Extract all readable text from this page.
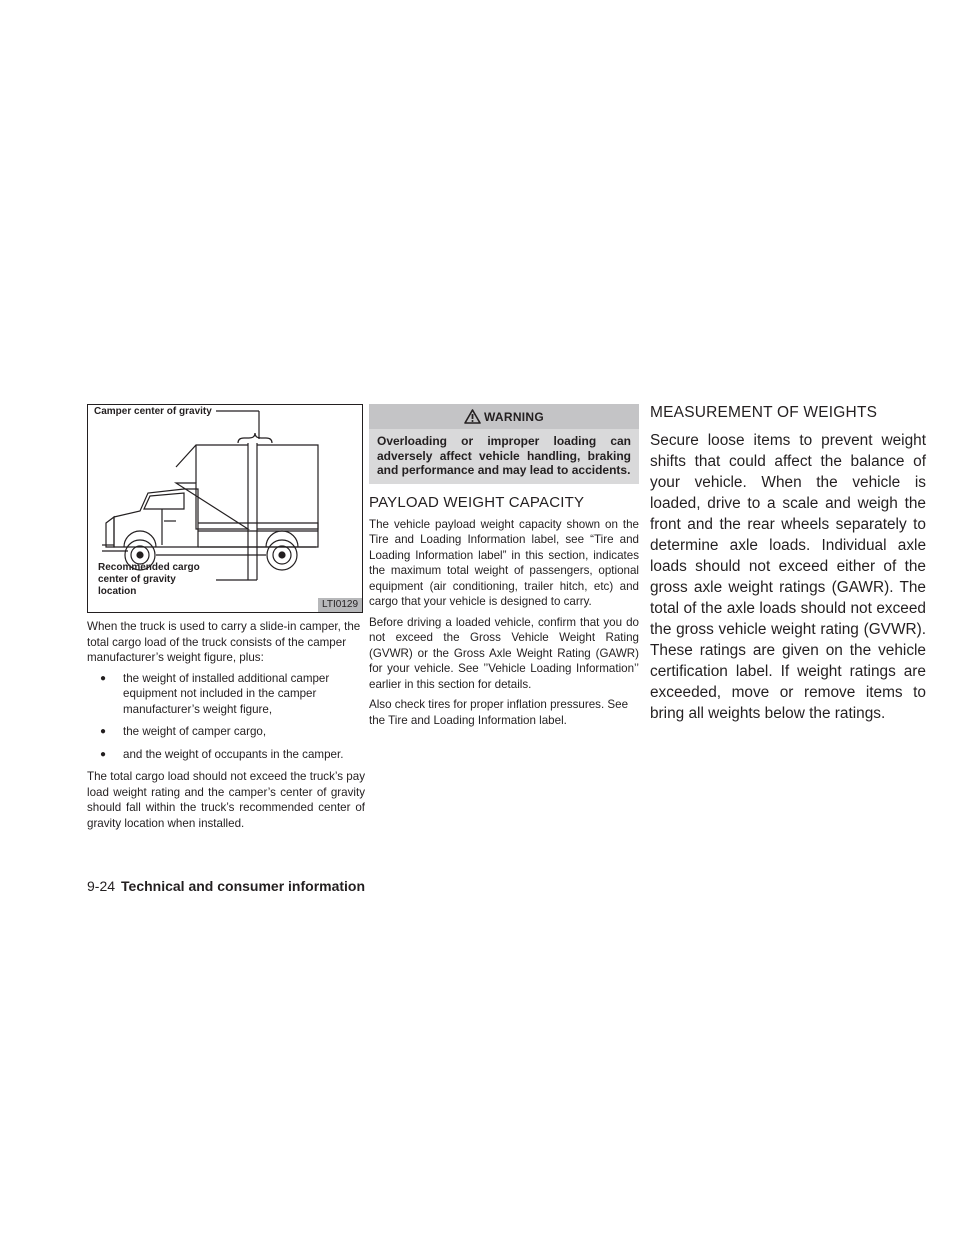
Camper center of gravity
Recommended cargo
center of gravity
location
LTI0129

When the truck is used to carry a slide-in camper, the total cargo load of the truck consists of the camper manufacturer’s weight figure, plus:

● the weight of installed additional camper equipment not included in the camper manufacturer’s weight figure,
● the weight of camper cargo,
● and the weight of occupants in the camper.

The total cargo load should not exceed the truck’s pay load weight rating and the camper’s center of gravity should fall within the truck’s recommended center of gravity location when installed.

WARNING
Overloading or improper loading can adversely affect vehicle handling, braking and performance and may lead to accidents.
PAYLOAD WEIGHT CAPACITY

The vehicle payload weight capacity shown on the Tire and Loading Information label, see “Tire and Loading Information label” in this section, indicates the maximum total weight of passengers, optional equipment (air conditioning, trailer hitch, etc) and cargo that your vehicle is designed to carry.

Before driving a loaded vehicle, confirm that you do not exceed the Gross Vehicle Weight Rating (GVWR) or the Gross Axle Weight Rating (GAWR) for your vehicle. See ’’Vehicle Loading Information’’ earlier in this section for details.

Also check tires for proper inflation pressures. See the Tire and Loading Information label.

MEASUREMENT OF WEIGHTS

Secure loose items to prevent weight shifts that could affect the balance of your vehicle. When the vehicle is loaded, drive to a scale and weigh the front and the rear wheels separately to determine axle loads. Individual axle loads should not exceed either of the gross axle weight ratings (GAWR). The total of the axle loads should not exceed the gross vehicle weight rating (GVWR). These ratings are given on the vehicle certification label. If weight ratings are exceeded, move or remove items to bring all weights below the ratings.

9-24 Technical and consumer information
